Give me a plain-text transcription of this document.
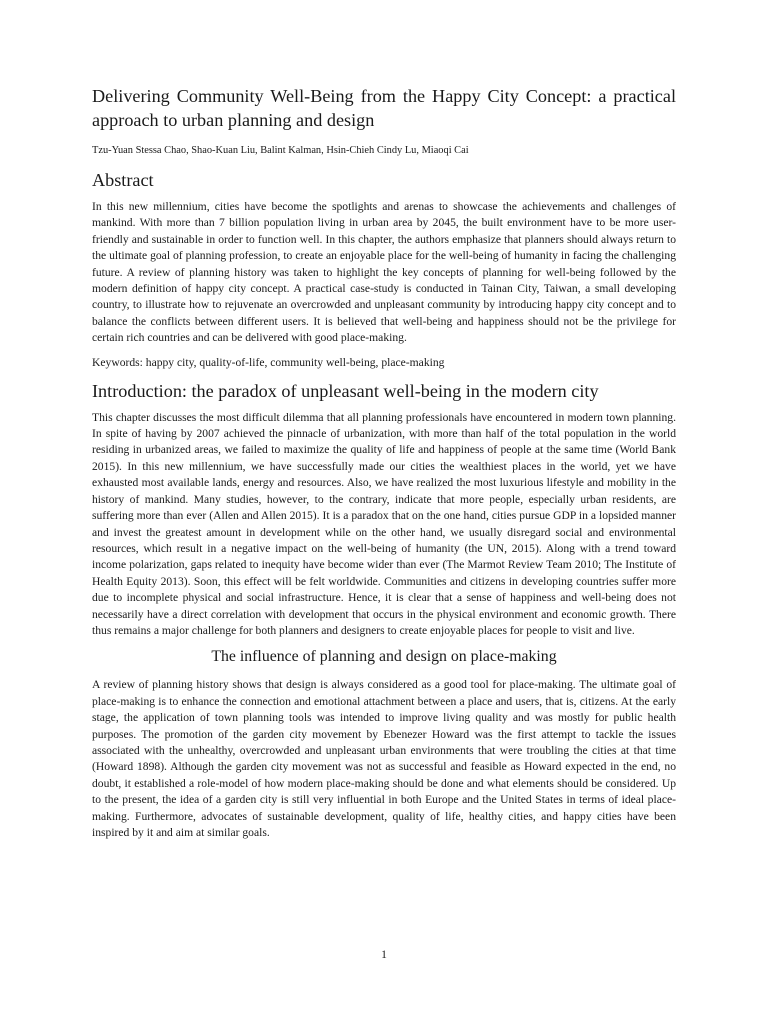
Delivering Community Well-Being from the Happy City Concept: a practical approach to urban planning and design
Tzu-Yuan Stessa Chao, Shao-Kuan Liu, Balint Kalman, Hsin-Chieh Cindy Lu, Miaoqi Cai
Abstract

In this new millennium, cities have become the spotlights and arenas to showcase the achievements and challenges of mankind. With more than 7 billion population living in urban area by 2045, the built environment have to be more user-friendly and sustainable in order to function well. In this chapter, the authors emphasize that planners should always return to the ultimate goal of planning profession, to create an enjoyable place for the well-being of humanity in facing the challenging future. A review of planning history was taken to highlight the key concepts of planning for well-being followed by the modern definition of happy city concept. A practical case-study is conducted in Tainan City, Taiwan, a small developing country, to illustrate how to rejuvenate an overcrowded and unpleasant community by introducing happy city concept and to balance the conflicts between different users. It is believed that well-being and happiness should not be the privilege for certain rich countries and can be delivered with good place-making.

Keywords: happy city, quality-of-life, community well-being, place-making

Introduction: the paradox of unpleasant well-being in the modern city

This chapter discusses the most difficult dilemma that all planning professionals have encountered in modern town planning. In spite of having by 2007 achieved the pinnacle of urbanization, with more than half of the total population in the world residing in urbanized areas, we failed to maximize the quality of life and happiness of people at the same time (World Bank 2015). In this new millennium, we have successfully made our cities the wealthiest places in the world, yet we have exhausted most available lands, energy and resources. Also, we have realized the most luxurious lifestyle and mobility in the history of mankind. Many studies, however, to the contrary, indicate that more people, especially urban residents, are suffering more than ever (Allen and Allen 2015). It is a paradox that on the one hand, cities pursue GDP in a lopsided manner and invest the greatest amount in development while on the other hand, we usually disregard social and environmental resources, which result in a negative impact on the well-being of humanity (the UN, 2015). Along with a trend toward income polarization, gaps related to inequity have become wider than ever (The Marmot Review Team 2010; The Institute of Health Equity 2013). Soon, this effect will be felt worldwide. Communities and citizens in developing countries suffer more due to incomplete physical and social infrastructure. Hence, it is clear that a sense of happiness and well-being does not necessarily have a direct correlation with development that occurs in the physical environment and economic growth. There thus remains a major challenge for both planners and designers to create enjoyable places for people to visit and live.

The influence of planning and design on place-making

A review of planning history shows that design is always considered as a good tool for place-making. The ultimate goal of place-making is to enhance the connection and emotional attachment between a place and users, that is, citizens. At the early stage, the application of town planning tools was intended to improve living quality and was mostly for public health purposes. The promotion of the garden city movement by Ebenezer Howard was the first attempt to tackle the issues associated with the unhealthy, overcrowded and unpleasant urban environments that were troubling the cities at that time (Howard 1898). Although the garden city movement was not as successful and feasible as Howard expected in the end, no doubt, it established a role-model of how modern place-making should be done and what elements should be considered. Up to the present, the idea of a garden city is still very influential in both Europe and the United States in terms of ideal place-making. Furthermore, advocates of sustainable development, quality of life, healthy cities, and happy cities have been inspired by it and aim at similar goals.

1
